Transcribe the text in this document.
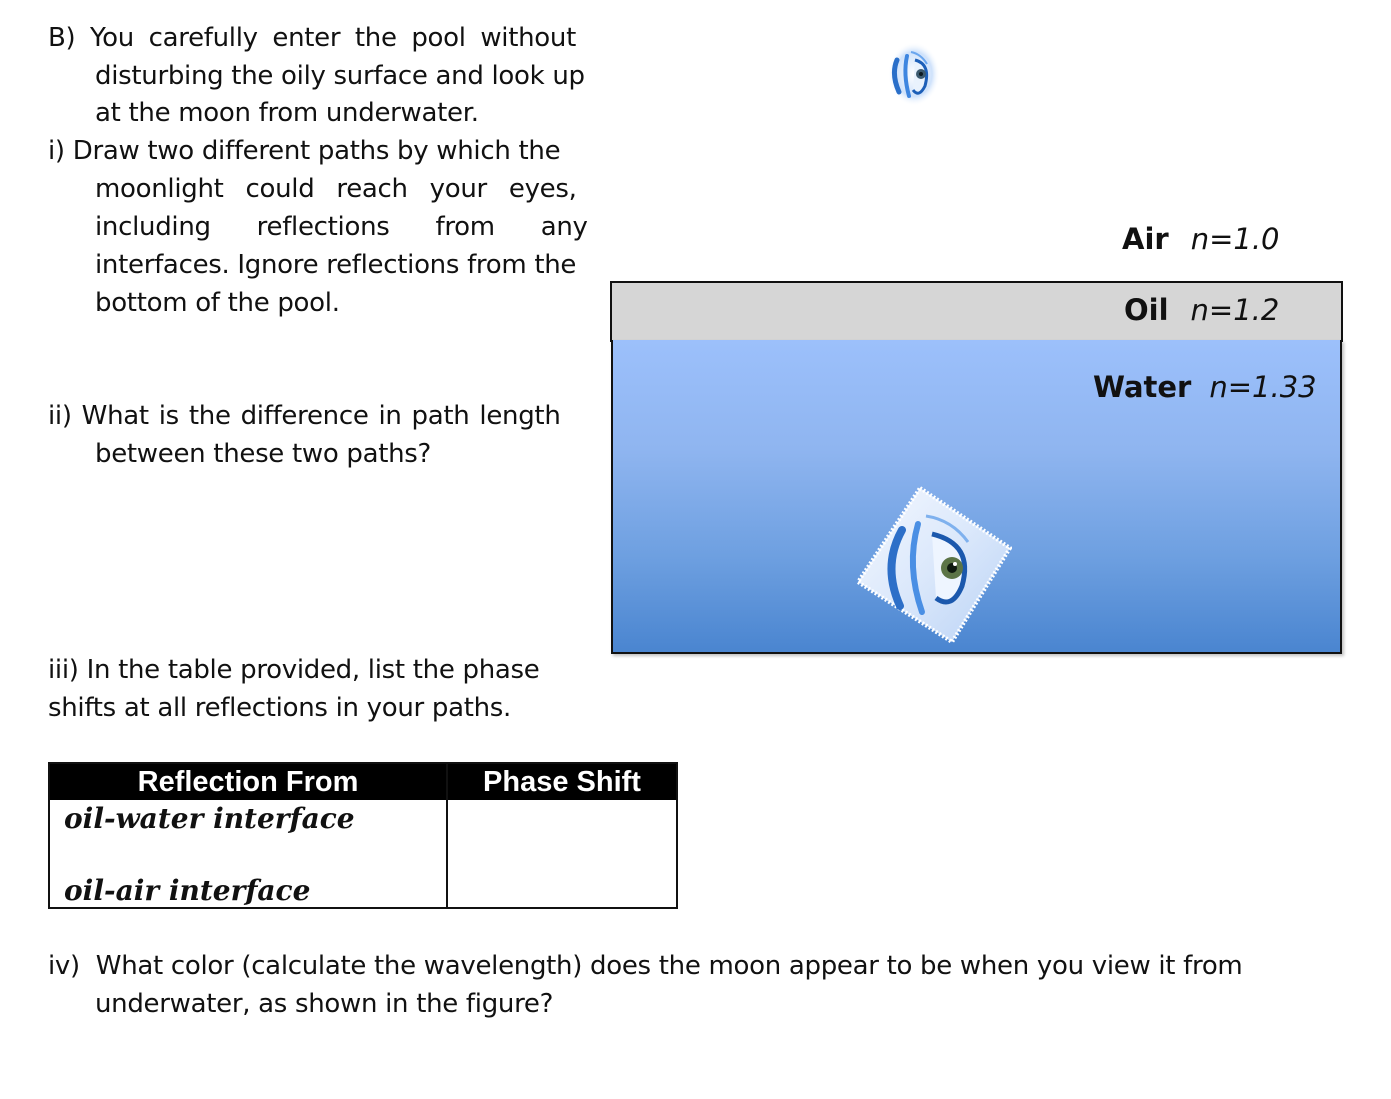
B) You carefully enter the pool without
disturbing the oily surface and look up
at the moon from underwater.
i) Draw two different paths by which the
moonlight could reach your eyes,
including reflections from any
interfaces. Ignore reflections from the
bottom of the pool.
ii) What is the difference in path length
between these two paths?
iii) In the table provided, list the phase
shifts at all reflections in your paths.
iv)  What color (calculate the wavelength) does the moon appear to be when you view it from
underwater, as shown in the figure?
Air n=1.0
Oil n=1.2
Water n=1.33
Reflection From	Phase Shift
oil-water interface
oil-air interface
